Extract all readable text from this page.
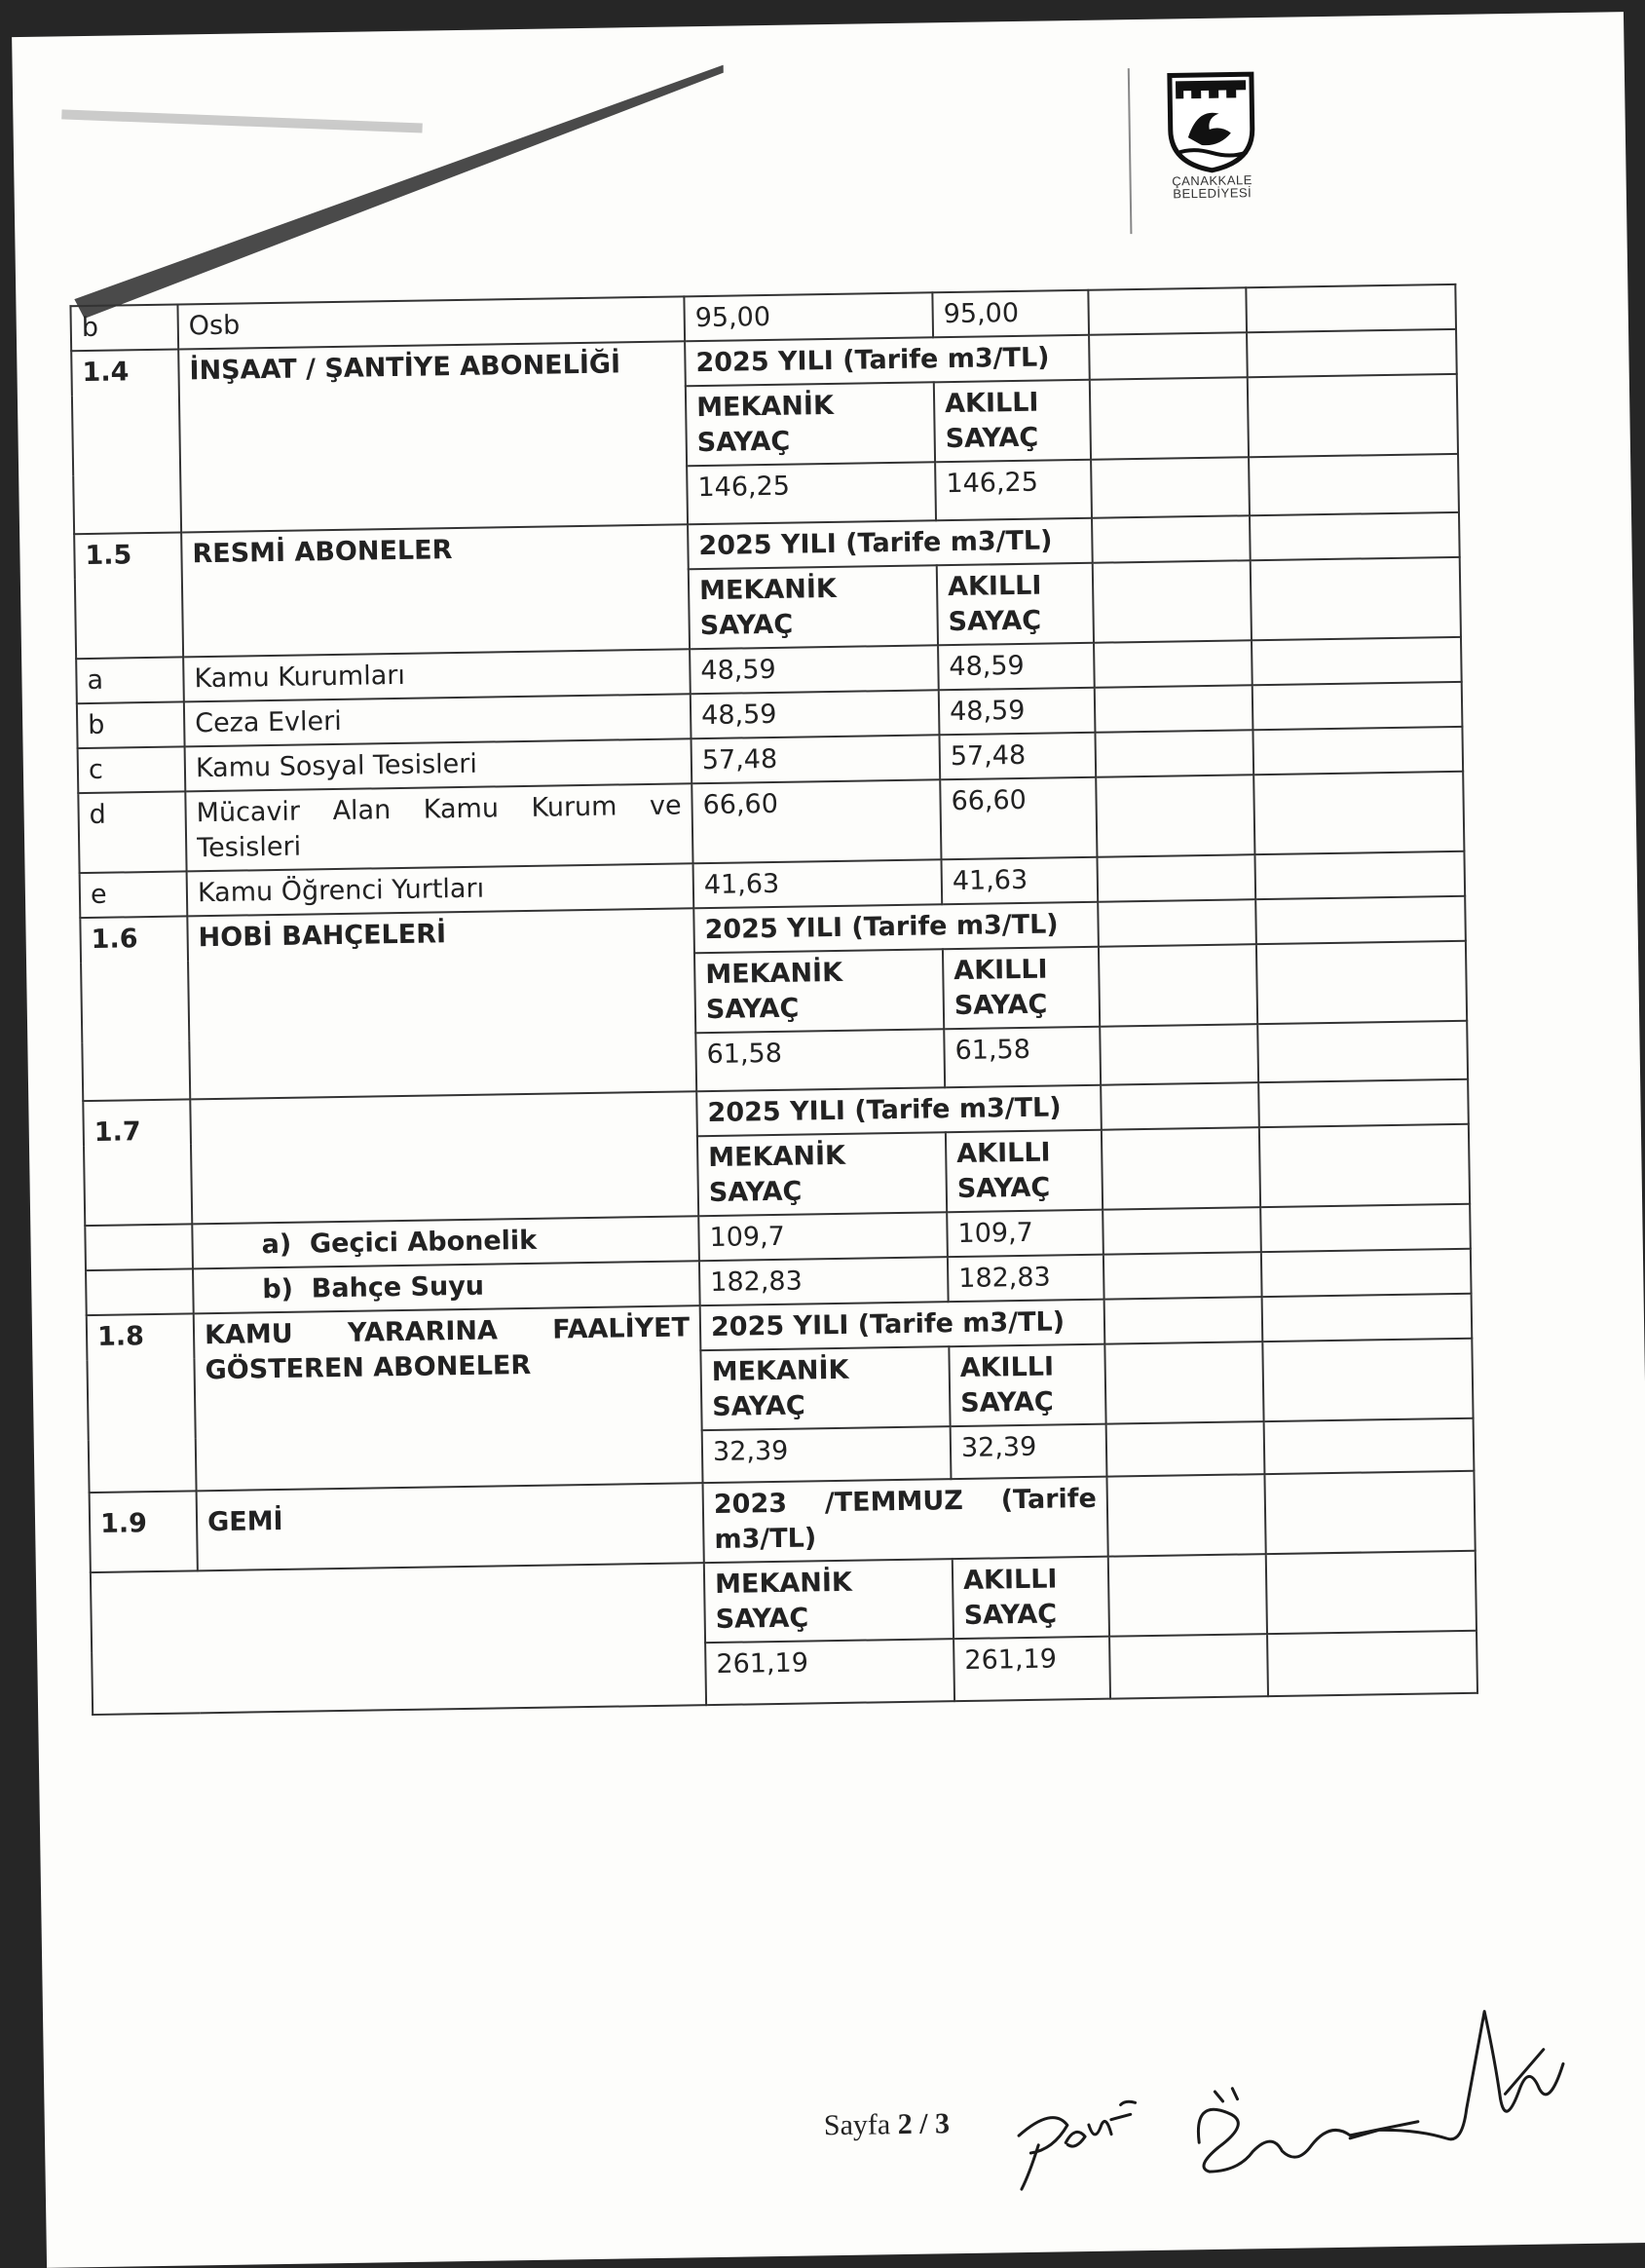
ÇANAKKALE
BELEDİYESİ
b	Osb	95,00	95,00		
1.4	İNŞAAT / ŞANTİYE ABONELİĞİ	2025 YILI (Tarife m3/TL)			
		MEKANİK SAYAÇ	AKILLI SAYAÇ		
		146,25	146,25		
1.5	RESMİ ABONELER	2025 YILI (Tarife m3/TL)			
		MEKANİK SAYAÇ	AKILLI SAYAÇ		
a	Kamu Kurumları	48,59	48,59		
b	Ceza Evleri	48,59	48,59		
c	Kamu Sosyal Tesisleri	57,48	57,48		
d	Mücavir Alan Kamu Kurum ve Tesisleri	66,60	66,60		
e	Kamu Öğrenci Yurtları	41,63	41,63		
1.6	HOBİ BAHÇELERİ	2025 YILI (Tarife m3/TL)			
		MEKANİK SAYAÇ	AKILLI SAYAÇ		
		61,58	61,58		
1.7		2025 YILI (Tarife m3/TL)			
		MEKANİK SAYAÇ	AKILLI SAYAÇ		
	a)  Geçici Abonelik	109,7	109,7		
	b)  Bahçe Suyu	182,83	182,83		
1.8	KAMU YARARINA FAALİYET GÖSTEREN ABONELER	2025 YILI (Tarife m3/TL)			
		MEKANİK SAYAÇ	AKILLI SAYAÇ		
		32,39	32,39		
1.9	GEMİ	2023 /TEMMUZ (Tarife m3/TL)			
		MEKANİK SAYAÇ	AKILLI SAYAÇ		
		261,19	261,19		
Sayfa 2 / 3
